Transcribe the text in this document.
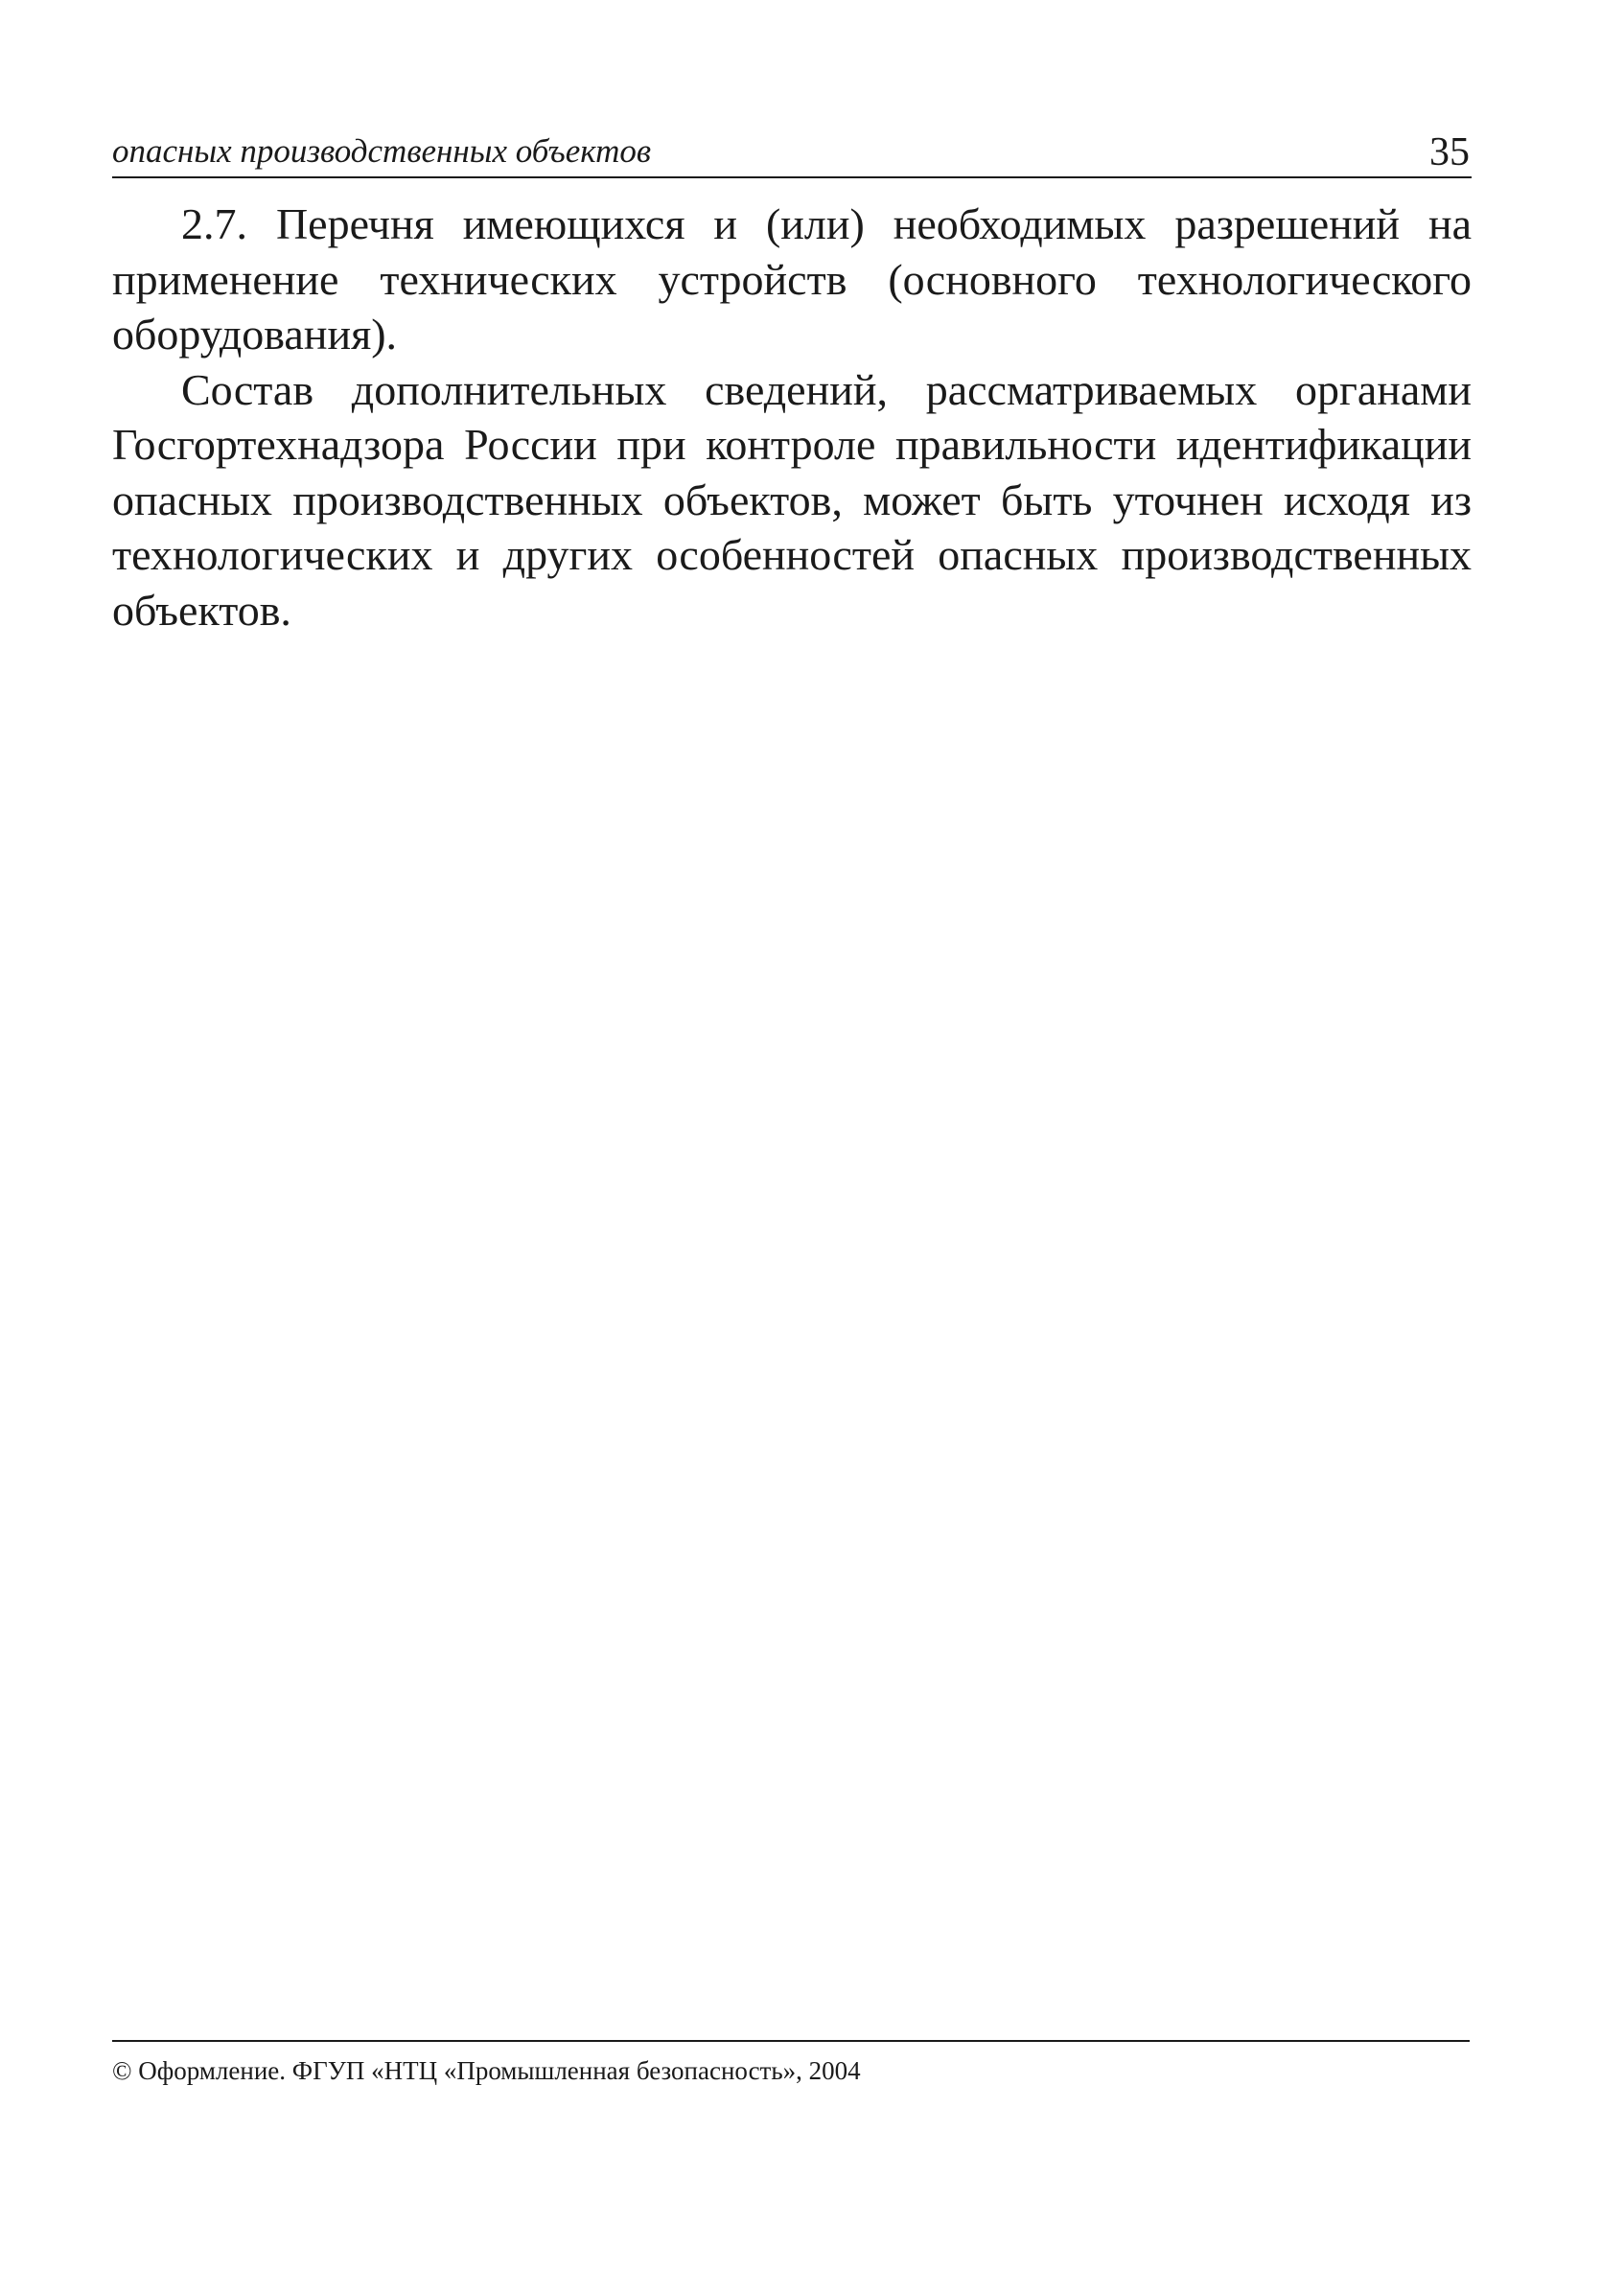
опасных производственных объектов	35

2.7. Перечня имеющихся и (или) необходимых разрешений на применение технических устройств (основного технологического оборудования).

Состав дополнительных сведений, рассматриваемых органами Госгортехнадзора России при контроле правильности идентификации опасных производственных объектов, может быть уточнен исходя из технологических и других особенностей опасных производственных объектов.

© Оформление. ФГУП «НТЦ «Промышленная безопасность», 2004
